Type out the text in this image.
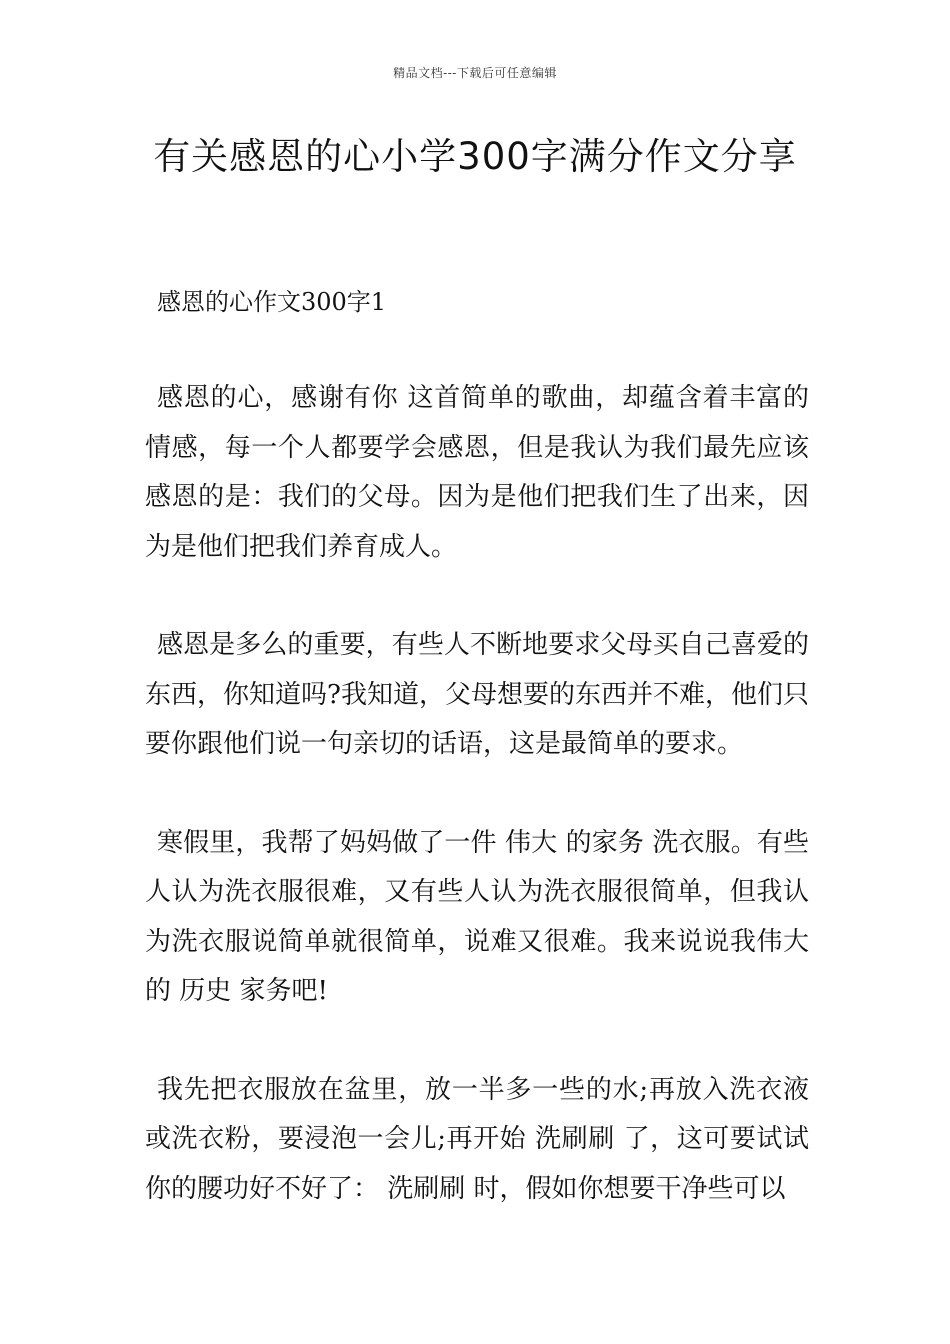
精品文档---下载后可任意编辑
有关感恩的心小学300字满分作文分享
感恩的心作文300字1

感恩的心，感谢有你 这首简单的歌曲，却蕴含着丰富的情感，每一个人都要学会感恩，但是我认为我们最先应该感恩的是：我们的父母。因为是他们把我们生了出来，因为是他们把我们养育成人。

感恩是多么的重要，有些人不断地要求父母买自己喜爱的东西，你知道吗?我知道，父母想要的东西并不难，他们只要你跟他们说一句亲切的话语，这是最简单的要求。

寒假里，我帮了妈妈做了一件 伟大 的家务 洗衣服。有些人认为洗衣服很难，又有些人认为洗衣服很简单，但我认为洗衣服说简单就很简单，说难又很难。我来说说我伟大的 历史 家务吧!

我先把衣服放在盆里，放一半多一些的水;再放入洗衣液或洗衣粉，要浸泡一会儿;再开始 洗刷刷 了，这可要试试你的腰功好不好了： 洗刷刷 时，假如你想要干净些可以
